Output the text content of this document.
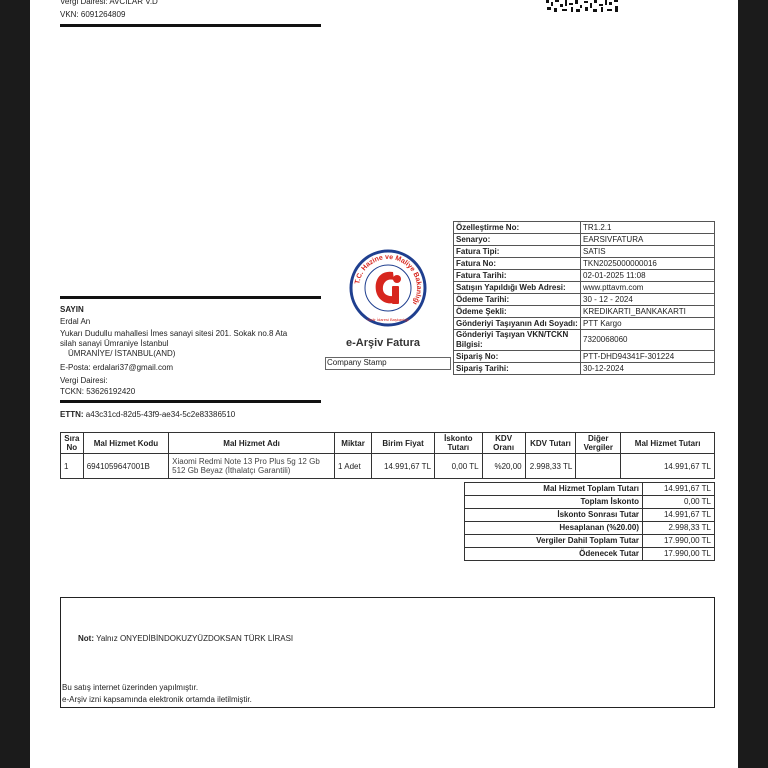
Vergi Dairesi: AVCILAR V.D
VKN: 6091264809
SAYIN
Erdal An
Yukarı Dudullu mahallesi İmes sanayi sitesi 201. Sokak no.8 Ata
silah sanayi Ümraniye İstanbul
ÜMRANİYE/ İSTANBUL(AND)
E-Posta: erdalari37@gmail.com
Vergi Dairesi:
TCKN: 53626192420
ETTN: a43c31cd-82d5-43f9-ae34-5c2e83386510
T.C. Hazine ve Maliye Bakanlığı
Gelir İdaresi Başkanlığı
e-Arşiv Fatura
Company Stamp
Özelleştirme No:	TR1.2.1
Senaryo:	EARSIVFATURA
Fatura Tipi:	SATIS
Fatura No:	TKN2025000000016
Fatura Tarihi:	02-01-2025 11:08
Satışın Yapıldığı Web Adresi:	www.pttavm.com
Ödeme Tarihi:	30 - 12 - 2024
Ödeme Şekli:	KREDIKARTI_BANKAKARTI
Gönderiyi Taşıyanın Adı Soyadı:	PTT Kargo
Gönderiyi Taşıyan VKN/TCKN Bilgisi:	7320068060
Sipariş No:	PTT-DHD94341F-301224
Sipariş Tarihi:	30-12-2024
Sıra No	Mal Hizmet Kodu	Mal Hizmet Adı	Miktar	Birim Fiyat	İskonto Tutarı	KDV Oranı	KDV Tutarı	Diğer Vergiler	Mal Hizmet Tutarı
1	6941059647001B	Xiaomi Redmi Note 13 Pro Plus 5g 12 Gb 512 Gb Beyaz (İthalatçı Garantili)	1 Adet	14.991,67 TL	0,00 TL	%20,00	2.998,33 TL		14.991,67 TL
Mal Hizmet Toplam Tutarı	14.991,67 TL
Toplam İskonto	0,00 TL
İskonto Sonrası Tutar	14.991,67 TL
Hesaplanan (%20.00)	2.998,33 TL
Vergiler Dahil Toplam Tutar	17.990,00 TL
Ödenecek Tutar	17.990,00 TL
Not: Yalnız ONYEDİBİNDOKUZYÜZDOKSAN TÜRK LİRASI
Bu satış internet üzerinden yapılmıştır.
e-Arşiv izni kapsamında elektronik ortamda iletilmiştir.
